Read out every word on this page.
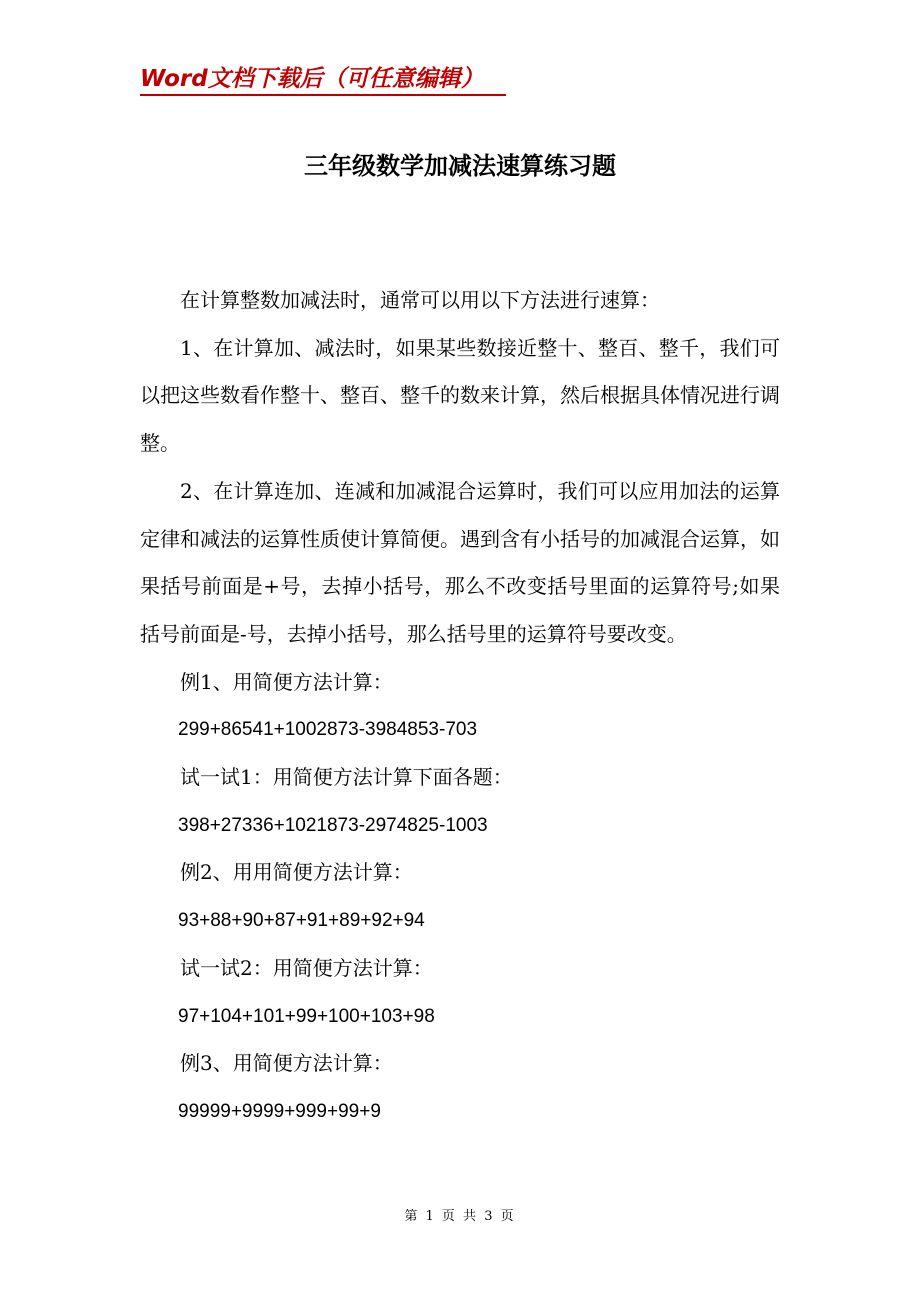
Word文档下载后（可任意编辑）
三年级数学加减法速算练习题

在计算整数加减法时，通常可以用以下方法进行速算：

1、在计算加、减法时，如果某些数接近整十、整百、整千，我们可以把这些数看作整十、整百、整千的数来计算，然后根据具体情况进行调整。

2、在计算连加、连减和加减混合运算时，我们可以应用加法的运算定律和减法的运算性质使计算简便。遇到含有小括号的加减混合运算，如果括号前面是+号，去掉小括号，那么不改变括号里面的运算符号;如果括号前面是-号，去掉小括号，那么括号里的运算符号要改变。

例1、用简便方法计算：

299+86541+1002873-3984853-703

试一试1：用简便方法计算下面各题：

398+27336+1021873-2974825-1003

例2、用用简便方法计算：

93+88+90+87+91+89+92+94

试一试2：用简便方法计算：

97+104+101+99+100+103+98

例3、用简便方法计算：

99999+9999+999+99+9

第 1 页 共 3 页
